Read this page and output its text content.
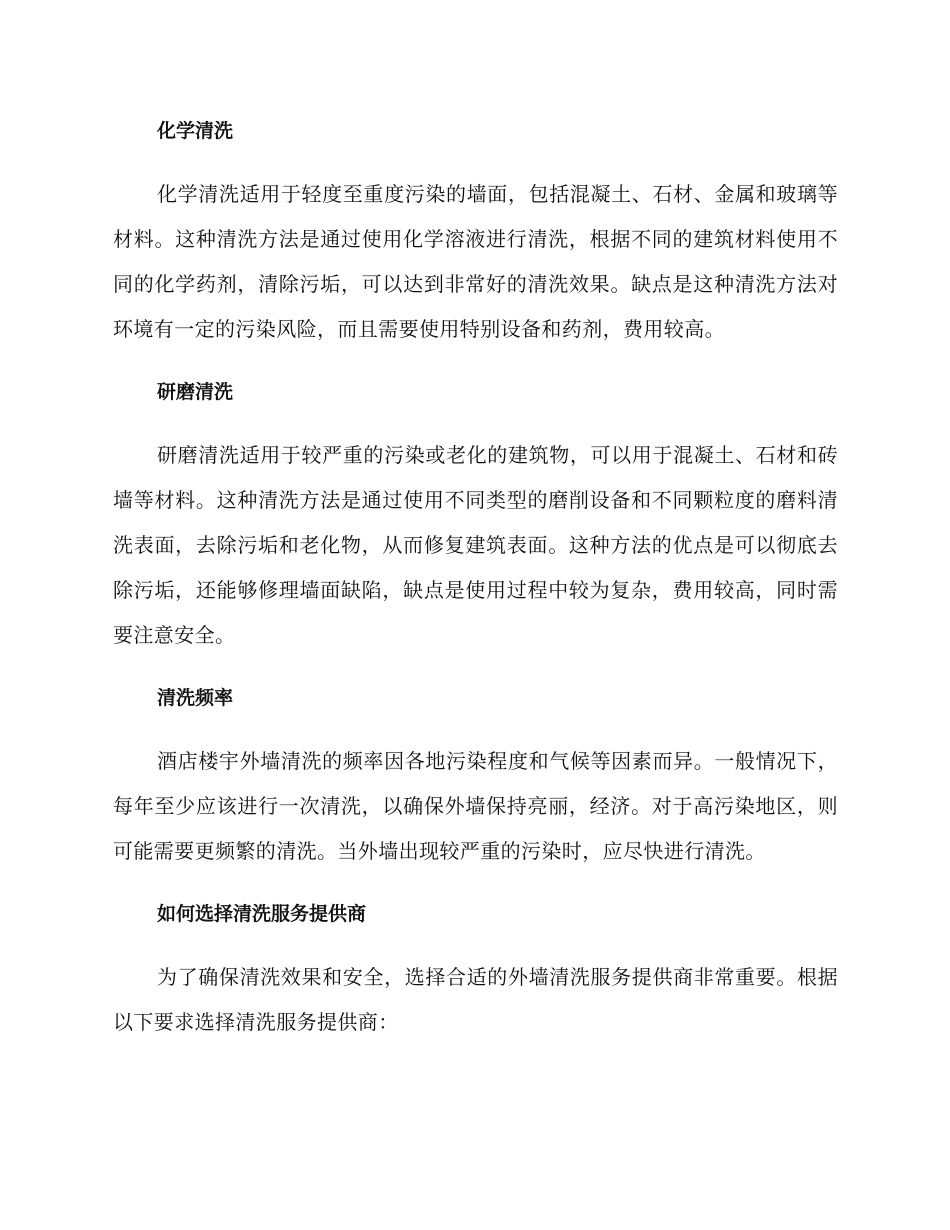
化学清洗

化学清洗适用于轻度至重度污染的墙面，包括混凝土、石材、金属和玻璃等材料。这种清洗方法是通过使用化学溶液进行清洗，根据不同的建筑材料使用不同的化学药剂，清除污垢，可以达到非常好的清洗效果。缺点是这种清洗方法对环境有一定的污染风险，而且需要使用特别设备和药剂，费用较高。

研磨清洗

研磨清洗适用于较严重的污染或老化的建筑物，可以用于混凝土、石材和砖墙等材料。这种清洗方法是通过使用不同类型的磨削设备和不同颗粒度的磨料清洗表面，去除污垢和老化物，从而修复建筑表面。这种方法的优点是可以彻底去除污垢，还能够修理墙面缺陷，缺点是使用过程中较为复杂，费用较高，同时需要注意安全。

清洗频率

酒店楼宇外墙清洗的频率因各地污染程度和气候等因素而异。一般情况下，每年至少应该进行一次清洗，以确保外墙保持亮丽，经济。对于高污染地区，则可能需要更频繁的清洗。当外墙出现较严重的污染时，应尽快进行清洗。

如何选择清洗服务提供商

为了确保清洗效果和安全，选择合适的外墙清洗服务提供商非常重要。根据以下要求选择清洗服务提供商：
